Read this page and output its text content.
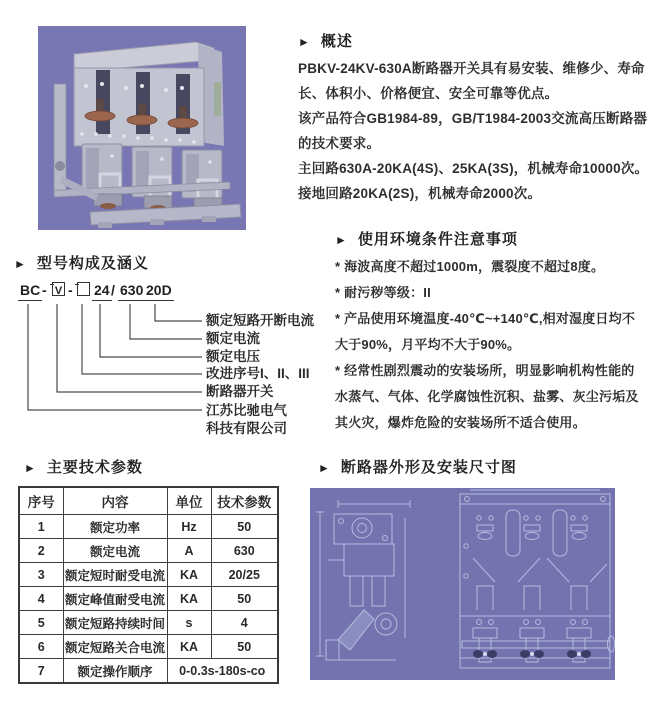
► 概述
PBKV-24KV-630A断路器开关具有易安装、维修少、寿命
长、体积小、价格便宜、安全可靠等优点。
该产品符合GB1984-89，GB/T1984-2003交流高压断路器
的技术要求。
主回路630A-20KA(4S)、25KA(3S)，机械寿命10000次。
接地回路20KA(2S)，机械寿命2000次。
► 型号构成及涵义
BC - V - 24 / 630 20D
额定短路开断电流
额定电流
额定电压
改进序号I、II、III
断路器开关
江苏比驰电气
科技有限公司
► 使用环境条件注意事项
* 海波高度不超过1000m，震裂度不超过8度。
* 耐污秽等级：II
* 产品使用环境温度-40℃~+140℃,相对湿度日均不
大于90%，月平均不大于90%。
* 经常性剧烈震动的安装场所，明显影响机构性能的
水蒸气、气体、化学腐蚀性沉积、盐雾、灰尘污垢及
其火灾，爆炸危险的安装场所不适合使用。
► 主要技术参数
序号	内容	单位	技术参数
1	额定功率	Hz	50
2	额定电流	A	630
3	额定短时耐受电流	KA	20/25
4	额定峰值耐受电流	KA	50
5	额定短路持续时间	s	4
6	额定短路关合电流	KA	50
7	额定操作顺序	0-0.3s-180s-co	
► 断路器外形及安装尺寸图
